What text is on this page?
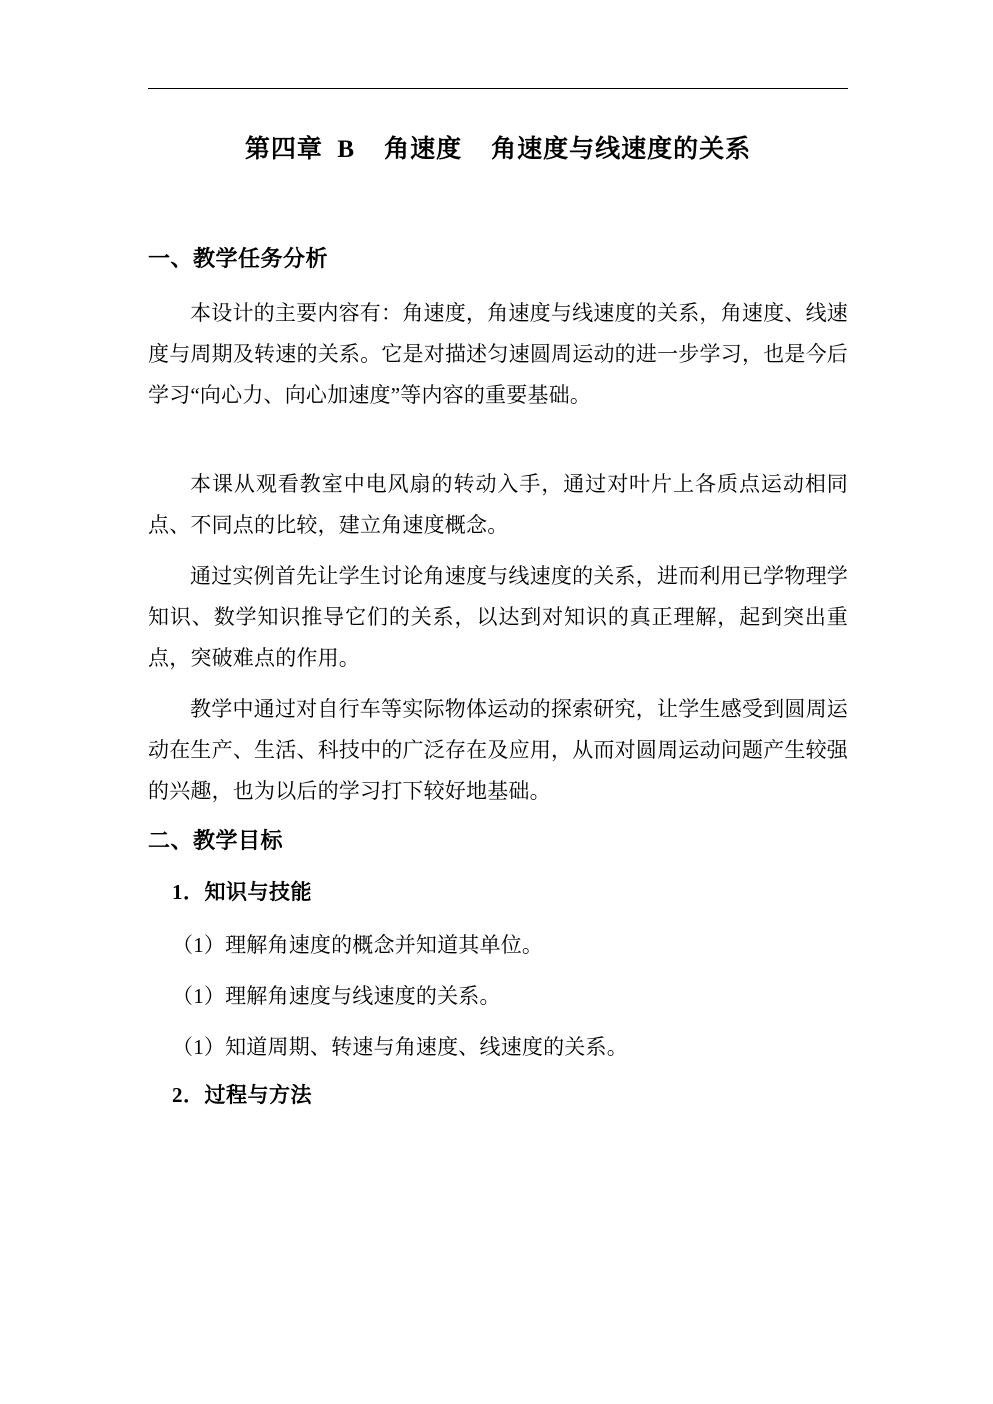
第四章  B    角速度    角速度与线速度的关系
一、教学任务分析

本设计的主要内容有：角速度，角速度与线速度的关系，角速度、线速度与周期及转速的关系。它是对描述匀速圆周运动的进一步学习，也是今后学习“向心力、向心加速度”等内容的重要基础。

本课从观看教室中电风扇的转动入手，通过对叶片上各质点运动相同点、不同点的比较，建立角速度概念。

通过实例首先让学生讨论角速度与线速度的关系，进而利用已学物理学知识、数学知识推导它们的关系，以达到对知识的真正理解，起到突出重点，突破难点的作用。

教学中通过对自行车等实际物体运动的探索研究，让学生感受到圆周运动在生产、生活、科技中的广泛存在及应用，从而对圆周运动问题产生较强的兴趣，也为以后的学习打下较好地基础。

二、教学目标
1．知识与技能

（1）理解角速度的概念并知道其单位。

（1）理解角速度与线速度的关系。

（1）知道周期、转速与角速度、线速度的关系。

2．过程与方法
